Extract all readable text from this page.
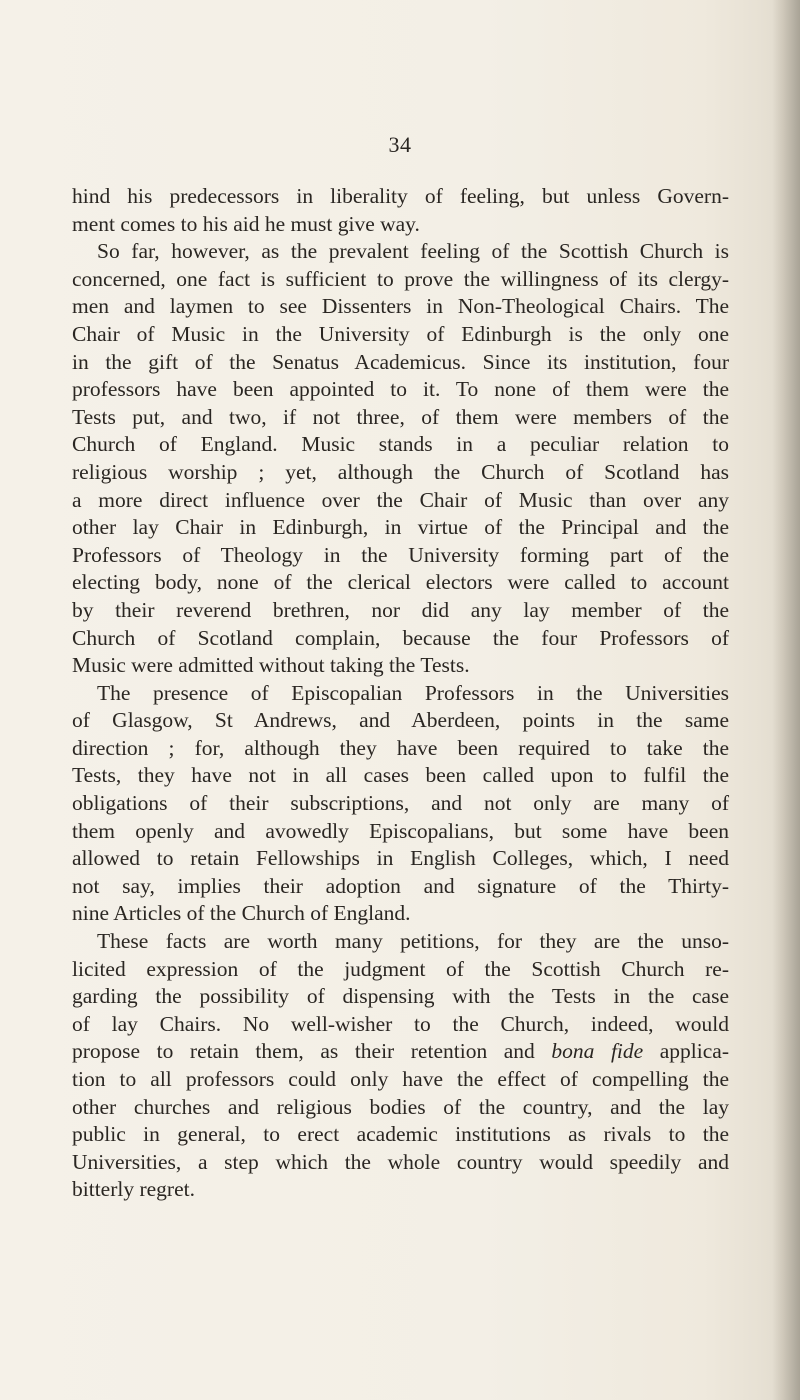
34
hind his predecessors in liberality of feeling, but unless Govern-
ment comes to his aid he must give way.
So far, however, as the prevalent feeling of the Scottish Church is
concerned, one fact is sufficient to prove the willingness of its clergy-
men and laymen to see Dissenters in Non-Theological Chairs. The
Chair of Music in the University of Edinburgh is the only one
in the gift of the Senatus Academicus. Since its institution, four
professors have been appointed to it. To none of them were the
Tests put, and two, if not three, of them were members of the
Church of England. Music stands in a peculiar relation to
religious worship ; yet, although the Church of Scotland has
a more direct influence over the Chair of Music than over any
other lay Chair in Edinburgh, in virtue of the Principal and the
Professors of Theology in the University forming part of the
electing body, none of the clerical electors were called to account
by their reverend brethren, nor did any lay member of the
Church of Scotland complain, because the four Professors of
Music were admitted without taking the Tests.
The presence of Episcopalian Professors in the Universities
of Glasgow, St Andrews, and Aberdeen, points in the same
direction ; for, although they have been required to take the
Tests, they have not in all cases been called upon to fulfil the
obligations of their subscriptions, and not only are many of
them openly and avowedly Episcopalians, but some have been
allowed to retain Fellowships in English Colleges, which, I need
not say, implies their adoption and signature of the Thirty-
nine Articles of the Church of England.
These facts are worth many petitions, for they are the unso-
licited expression of the judgment of the Scottish Church re-
garding the possibility of dispensing with the Tests in the case
of lay Chairs. No well-wisher to the Church, indeed, would
propose to retain them, as their retention and bona fide applica-
tion to all professors could only have the effect of compelling the
other churches and religious bodies of the country, and the lay
public in general, to erect academic institutions as rivals to the
Universities, a step which the whole country would speedily and
bitterly regret.
